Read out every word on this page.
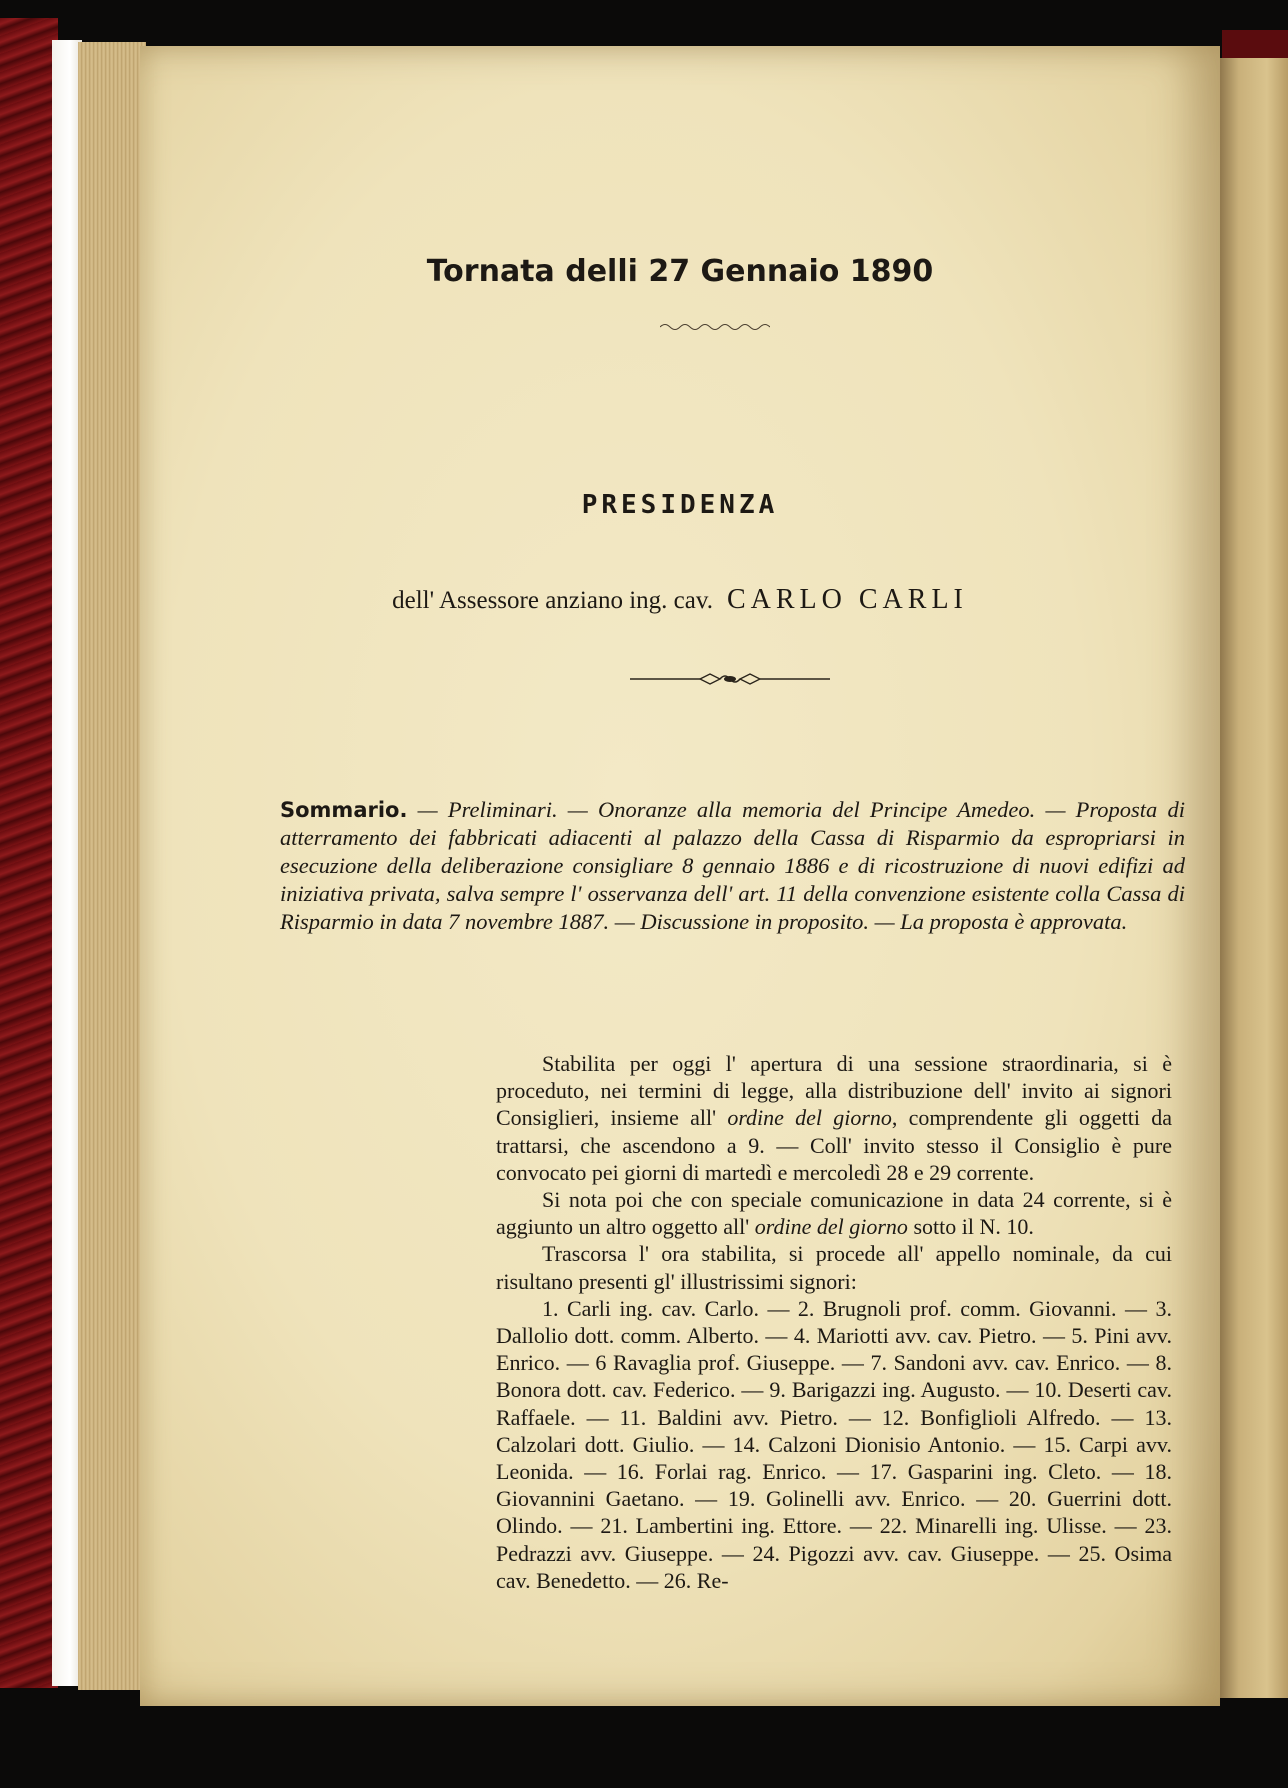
Tornata delli 27 Gennaio 1890
PRESIDENZA
dell' Assessore anziano ing. cav. CARLO CARLI
Sommario. — Preliminari. — Onoranze alla memoria del Principe Amedeo. — Proposta di atterramento dei fabbricati adiacenti al palazzo della Cassa di Risparmio da espropriarsi in esecuzione della deliberazione consigliare 8 gennaio 1886 e di ricostruzione di nuovi edifizi ad iniziativa privata, salva sempre l' osservanza dell' art. 11 della convenzione esistente colla Cassa di Risparmio in data 7 novembre 1887. — Discussione in proposito. — La proposta è approvata.

Stabilita per oggi l' apertura di una sessione straordinaria, si è proceduto, nei termini di legge, alla distribuzione dell' invito ai signori Consiglieri, insieme all' ordine del giorno, comprendente gli oggetti da trattarsi, che ascendono a 9. — Coll' invito stesso il Consiglio è pure convocato pei giorni di martedì e mercoledì 28 e 29 corrente.

Si nota poi che con speciale comunicazione in data 24 corrente, si è aggiunto un altro oggetto all' ordine del giorno sotto il N. 10.

Trascorsa l' ora stabilita, si procede all' appello nominale, da cui risultano presenti gl' illustrissimi signori:

1. Carli ing. cav. Carlo. — 2. Brugnoli prof. comm. Giovanni. — 3. Dallolio dott. comm. Alberto. — 4. Mariotti avv. cav. Pietro. — 5. Pini avv. Enrico. — 6 Ravaglia prof. Giuseppe. — 7. Sandoni avv. cav. Enrico. — 8. Bonora dott. cav. Federico. — 9. Barigazzi ing. Augusto. — 10. Deserti cav. Raffaele. — 11. Baldini avv. Pietro. — 12. Bonfiglioli Alfredo. — 13. Calzolari dott. Giulio. — 14. Calzoni Dionisio Antonio. — 15. Carpi avv. Leonida. — 16. Forlai rag. Enrico. — 17. Gasparini ing. Cleto. — 18. Giovannini Gaetano. — 19. Golinelli avv. Enrico. — 20. Guerrini dott. Olindo. — 21. Lambertini ing. Ettore. — 22. Minarelli ing. Ulisse. — 23. Pedrazzi avv. Giuseppe. — 24. Pigozzi avv. cav. Giuseppe. — 25. Osima cav. Benedetto. — 26. Re-
